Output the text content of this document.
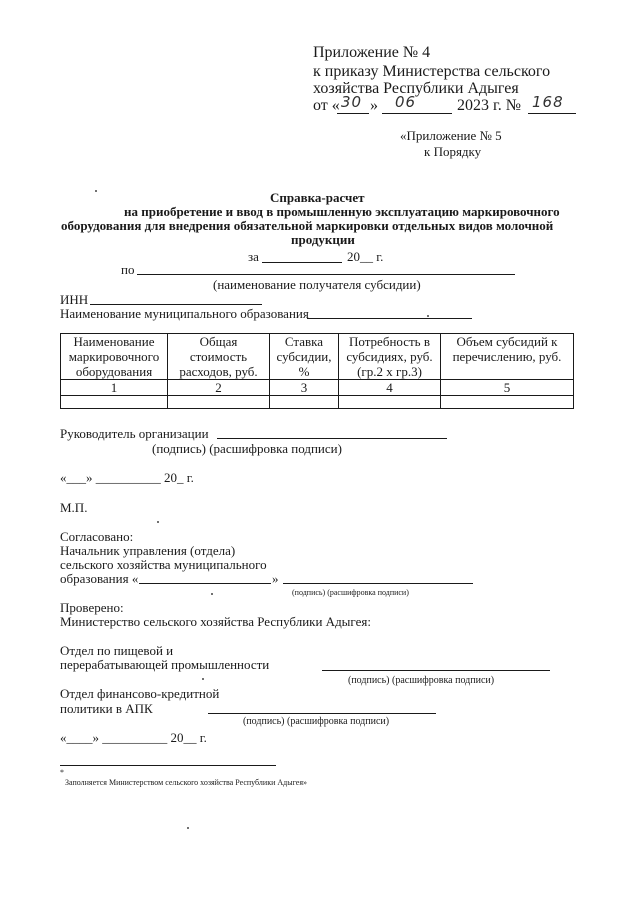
Приложение № 4
к приказу Министерства сельского
хозяйства Республики Адыгея
от « 30 » 06	2023 г. № 168
«Приложение № 5
к Порядку
Справка-расчет
на приобретение и ввод в промышленную эксплуатацию маркировочного
оборудования для внедрения обязательной маркировки отдельных видов молочной
продукции
за	20__ г.
по
(наименование получателя субсидии)
ИНН
Наименование муниципального образования
Наименование маркировочного оборудования	Общая стоимость расходов, руб.	Ставка субсидии, %	Потребность в субсидиях, руб. (гр.2 х гр.3)	Объем субсидий к перечислению, руб.
1	2	3	4	5

Руководитель организации
(подпись) (расшифровка подписи)
«___» __________ 20_ г.
М.П.
Согласовано:
Начальник управления (отдела)
сельского хозяйства муниципального
образования «	»
(подпись) (расшифровка подписи)
Проверено:
Министерство сельского хозяйства Республики Адыгея:
Отдел по пищевой и
перерабатывающей промышленности
(подпись) (расшифровка подписи)
Отдел финансово-кредитной
политики в АПК
(подпись) (расшифровка подписи)
«____» __________ 20__ г.
*
Заполняется Министерством сельского хозяйства Республики Адыгея»
